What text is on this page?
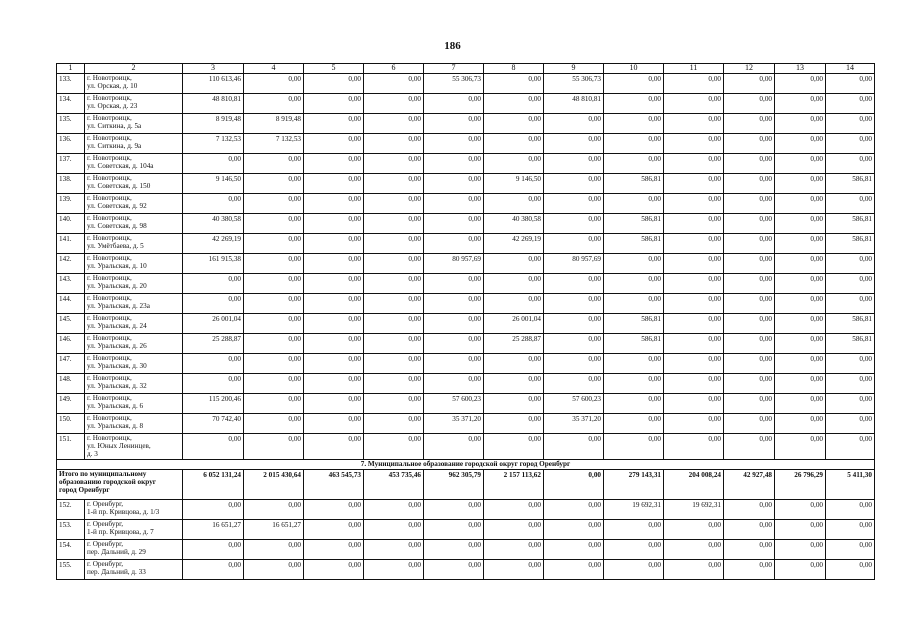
186
1	2	3	4	5	6	7	8	9	10	11	12	13	14
133.	г. Новотроицк,
ул. Орская, д. 10	110 613,46	0,00	0,00	0,00	55 306,73	0,00	55 306,73	0,00	0,00	0,00	0,00	0,00
134.	г. Новотроицк,
ул. Орская, д. 23	48 810,81	0,00	0,00	0,00	0,00	0,00	48 810,81	0,00	0,00	0,00	0,00	0,00
135.	г. Новотроицк,
ул. Ситкина, д. 5а	8 919,48	8 919,48	0,00	0,00	0,00	0,00	0,00	0,00	0,00	0,00	0,00	0,00
136.	г. Новотроицк,
ул. Ситкина, д. 9а	7 132,53	7 132,53	0,00	0,00	0,00	0,00	0,00	0,00	0,00	0,00	0,00	0,00
137.	г. Новотроицк,
ул. Советская, д. 104а	0,00	0,00	0,00	0,00	0,00	0,00	0,00	0,00	0,00	0,00	0,00	0,00
138.	г. Новотроицк,
ул. Советская, д. 150	9 146,50	0,00	0,00	0,00	0,00	9 146,50	0,00	586,81	0,00	0,00	0,00	586,81
139.	г. Новотроицк,
ул. Советская, д. 92	0,00	0,00	0,00	0,00	0,00	0,00	0,00	0,00	0,00	0,00	0,00	0,00
140.	г. Новотроицк,
ул. Советская, д. 98	40 380,58	0,00	0,00	0,00	0,00	40 380,58	0,00	586,81	0,00	0,00	0,00	586,81
141.	г. Новотроицк,
ул. Умётбаева, д. 5	42 269,19	0,00	0,00	0,00	0,00	42 269,19	0,00	586,81	0,00	0,00	0,00	586,81
142.	г. Новотроицк,
ул. Уральская, д. 10	161 915,38	0,00	0,00	0,00	80 957,69	0,00	80 957,69	0,00	0,00	0,00	0,00	0,00
143.	г. Новотроицк,
ул. Уральская, д. 20	0,00	0,00	0,00	0,00	0,00	0,00	0,00	0,00	0,00	0,00	0,00	0,00
144.	г. Новотроицк,
ул. Уральская, д. 23а	0,00	0,00	0,00	0,00	0,00	0,00	0,00	0,00	0,00	0,00	0,00	0,00
145.	г. Новотроицк,
ул. Уральская, д. 24	26 001,04	0,00	0,00	0,00	0,00	26 001,04	0,00	586,81	0,00	0,00	0,00	586,81
146.	г. Новотроицк,
ул. Уральская, д. 26	25 288,87	0,00	0,00	0,00	0,00	25 288,87	0,00	586,81	0,00	0,00	0,00	586,81
147.	г. Новотроицк,
ул. Уральская, д. 30	0,00	0,00	0,00	0,00	0,00	0,00	0,00	0,00	0,00	0,00	0,00	0,00
148.	г. Новотроицк,
ул. Уральская, д. 32	0,00	0,00	0,00	0,00	0,00	0,00	0,00	0,00	0,00	0,00	0,00	0,00
149.	г. Новотроицк,
ул. Уральская, д. 6	115 200,46	0,00	0,00	0,00	57 600,23	0,00	57 600,23	0,00	0,00	0,00	0,00	0,00
150.	г. Новотроицк,
ул. Уральская, д. 8	70 742,40	0,00	0,00	0,00	35 371,20	0,00	35 371,20	0,00	0,00	0,00	0,00	0,00
151.	г. Новотроицк,
ул. Юных Ленинцев,
д. 3	0,00	0,00	0,00	0,00	0,00	0,00	0,00	0,00	0,00	0,00	0,00	0,00
7. Муниципальное образование городской округ город Оренбург													

Итого по муниципальному
образованию городской округ
город Оренбург		6 052 131,24	2 015 430,64	463 545,73	453 735,46	962 305,79	2 157 113,62	0,00	279 143,31	204 008,24	42 927,48	26 796,29	5 411,30
152.	г. Оренбург,
1-й пр. Кривцова, д. 1/3	0,00	0,00	0,00	0,00	0,00	0,00	0,00	19 692,31	19 692,31	0,00	0,00	0,00
153.	г. Оренбург,
1-й пр. Кривцова, д. 7	16 651,27	16 651,27	0,00	0,00	0,00	0,00	0,00	0,00	0,00	0,00	0,00	0,00
154.	г. Оренбург,
пер. Дальний, д. 29	0,00	0,00	0,00	0,00	0,00	0,00	0,00	0,00	0,00	0,00	0,00	0,00
155.	г. Оренбург,
пер. Дальний, д. 33	0,00	0,00	0,00	0,00	0,00	0,00	0,00	0,00	0,00	0,00	0,00	0,00
